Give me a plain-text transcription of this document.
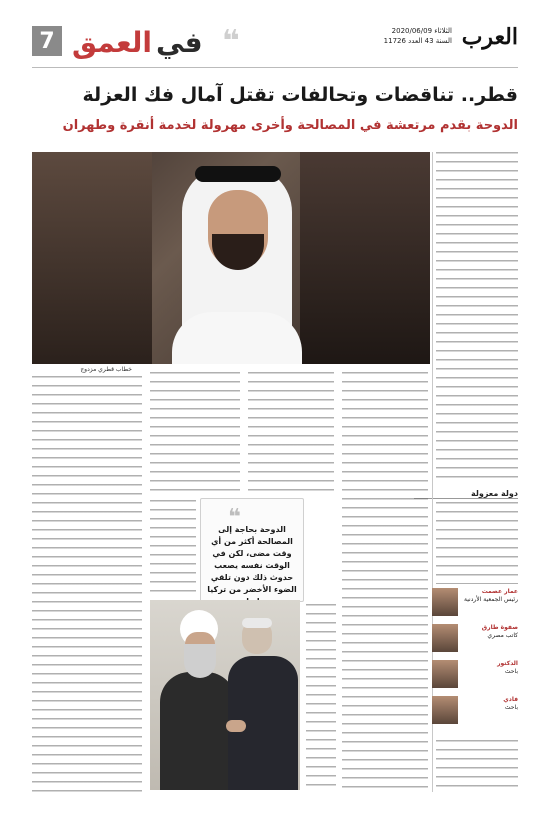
7	في
العمق ❝	العرب
الثلاثاء 2020/06/09
السنة 43 العدد 11726
قطر.. تناقضات وتحالفات تقتل آمال فك العزلة
الدوحة بقدم مرتعشة في المصالحة وأخرى مهرولة لخدمة أنقرة وطهران
خطاب قطري مزدوج
دولة معزولة
عمار عصمت
رئيس الجمعية الأردنية
صفوة طارق
كاتب مصري
الدكتور
باحث
فادي
باحث
❝	الدوحة بحاجة إلى المصالحة أكثر من أي وقت مضى، لكن في الوقت نفسه يصعب حدوث ذلك دون تلقي الضوء الأخضر من تركيا
